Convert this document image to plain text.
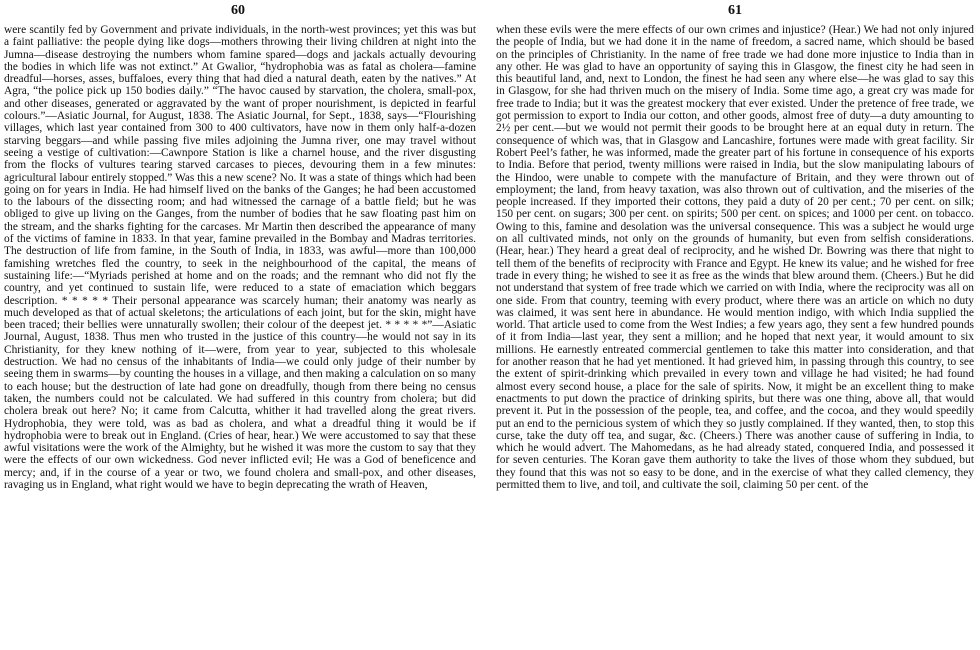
60

were scantily fed by Government and private individuals, in the north-west provinces; yet this was but a faint palliative: the people dying like dogs—mothers throwing their living children at night into the Jumna—disease destroying the numbers whom famine spared—dogs and jackals actually devouring the bodies in which life was not extinct.” At Gwalior, “hydrophobia was as fatal as cholera—famine dreadful—horses, asses, buffaloes, every thing that had died a natural death, eaten by the natives.” At Agra, “the police pick up 150 bodies daily.” “The havoc caused by starvation, the cholera, small-pox, and other diseases, generated or aggravated by the want of proper nourishment, is depicted in fearful colours.”—Asiatic Journal, for August, 1838. The Asiatic Journal, for Sept., 1838, says—“Flourishing villages, which last year contained from 300 to 400 cultivators, have now in them only half-a-dozen starving beggars—and while passing five miles adjoining the Jumna river, one may travel without seeing a vestige of cultivation:—Cawnpore Station is like a charnel house, and the river disgusting from the flocks of vultures tearing starved carcases to pieces, devouring them in a few minutes: agricultural labour entirely stopped.” Was this a new scene? No. It was a state of things which had been going on for years in India. He had himself lived on the banks of the Ganges; he had been accustomed to the labours of the dissecting room; and had witnessed the carnage of a battle field; but he was obliged to give up living on the Ganges, from the number of bodies that he saw floating past him on the stream, and the sharks fighting for the carcases. Mr Martin then described the appearance of many of the victims of famine in 1833. In that year, famine prevailed in the Bombay and Madras territories. The destruction of life from famine, in the South of India, in 1833, was awful—more than 100,000 famishing wretches fled the country, to seek in the neighbourhood of the capital, the means of sustaining life:—“Myriads perished at home and on the roads; and the remnant who did not fly the country, and yet continued to sustain life, were reduced to a state of emaciation which beggars description. * * * * * Their personal appearance was scarcely human; their anatomy was nearly as much developed as that of actual skeletons; the articulations of each joint, but for the skin, might have been traced; their bellies were unnaturally swollen; their colour of the deepest jet. * * * * *”—Asiatic Journal, August, 1838. Thus men who trusted in the justice of this country—he would not say in its Christianity, for they knew nothing of it—were, from year to year, subjected to this wholesale destruction. We had no census of the inhabitants of India—we could only judge of their number by seeing them in swarms—by counting the houses in a village, and then making a calculation on so many to each house; but the destruction of late had gone on dreadfully, though from there being no census taken, the numbers could not be calculated. We had suffered in this country from cholera; but did cholera break out here? No; it came from Calcutta, whither it had travelled along the great rivers. Hydrophobia, they were told, was as bad as cholera, and what a dreadful thing it would be if hydrophobia were to break out in England. (Cries of hear, hear.) We were accustomed to say that these awful visitations were the work of the Almighty, but he wished it was more the custom to say that they were the effects of our own wickedness. God never inflicted evil; He was a God of beneficence and mercy; and, if in the course of a year or two, we found cholera and small-pox, and other diseases, ravaging us in England, what right would we have to begin deprecating the wrath of Heaven,

61

when these evils were the mere effects of our own crimes and injustice? (Hear.) We had not only injured the people of India, but we had done it in the name of freedom, a sacred name, which should be based on the principles of Christianity. In the name of free trade we had done more injustice to India than in any other. He was glad to have an opportunity of saying this in Glasgow, the finest city he had seen in this beautiful land, and, next to London, the finest he had seen any where else—he was glad to say this in Glasgow, for she had thriven much on the misery of India. Some time ago, a great cry was made for free trade to India; but it was the greatest mockery that ever existed. Under the pretence of free trade, we got permission to export to India our cotton, and other goods, almost free of duty—a duty amounting to 2½ per cent.—but we would not permit their goods to be brought here at an equal duty in return. The consequence of which was, that in Glasgow and Lancashire, fortunes were made with great facility. Sir Robert Peel’s father, he was informed, made the greater part of his fortune in consequence of his exports to India. Before that period, twenty millions were raised in India, but the slow manipulating labours of the Hindoo, were unable to compete with the manufacture of Britain, and they were thrown out of employment; the land, from heavy taxation, was also thrown out of cultivation, and the miseries of the people increased. If they imported their cottons, they paid a duty of 20 per cent.; 70 per cent. on silk; 150 per cent. on sugars; 300 per cent. on spirits; 500 per cent. on spices; and 1000 per cent. on tobacco. Owing to this, famine and desolation was the universal consequence. This was a subject he would urge on all cultivated minds, not only on the grounds of humanity, but even from selfish considerations. (Hear, hear.) They heard a great deal of reciprocity, and he wished Dr. Bowring was there that night to tell them of the benefits of reciprocity with France and Egypt. He knew its value; and he wished for free trade in every thing; he wished to see it as free as the winds that blew around them. (Cheers.) But he did not understand that system of free trade which we carried on with India, where the reciprocity was all on one side. From that country, teeming with every product, where there was an article on which no duty was claimed, it was sent here in abundance. He would mention indigo, with which India supplied the world. That article used to come from the West Indies; a few years ago, they sent a few hundred pounds of it from India—last year, they sent a million; and he hoped that next year, it would amount to six millions. He earnestly entreated commercial gentlemen to take this matter into consideration, and that for another reason that he had yet mentioned. It had grieved him, in passing through this country, to see the extent of spirit-drinking which prevailed in every town and village he had visited; he had found almost every second house, a place for the sale of spirits. Now, it might be an excellent thing to make enactments to put down the practice of drinking spirits, but there was one thing, above all, that would prevent it. Put in the possession of the people, tea, and coffee, and the cocoa, and they would speedily put an end to the pernicious system of which they so justly complained. If they wanted, then, to stop this curse, take the duty off tea, and sugar, &c. (Cheers.) There was another cause of suffering in India, to which he would advert. The Mahomedans, as he had already stated, conquered India, and possessed it for seven centuries. The Koran gave them authority to take the lives of those whom they subdued, but they found that this was not so easy to be done, and in the exercise of what they called clemency, they permitted them to live, and toil, and cultivate the soil, claiming 50 per cent. of the
